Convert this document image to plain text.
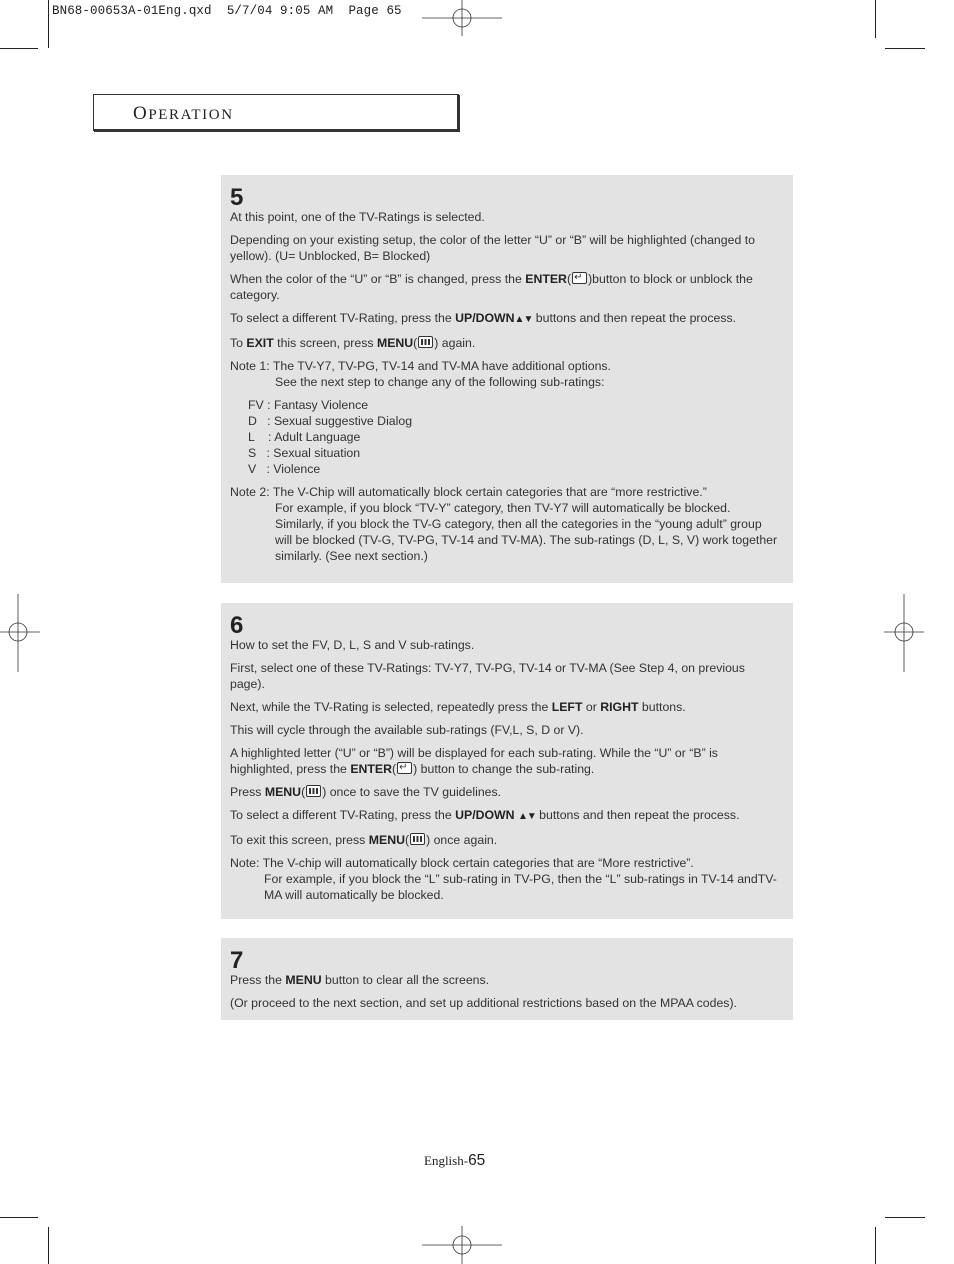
BN68-00653A-01Eng.qxd  5/7/04 9:05 AM  Page 65
OPERATION
5

At this point, one of the TV-Ratings is selected.

Depending on your existing setup, the color of the letter “U” or “B” will be highlighted (changed to yellow). (U= Unblocked, B= Blocked)

When the color of the “U” or “B” is changed, press the ENTER( ↵ )button to block or unblock the category.

To select a different TV-Rating, press the UP/DOWN▲▼ buttons and then repeat the process.

To EXIT this screen, press MENU( ) again.

Note 1: The TV-Y7, TV-PG, TV-14 and TV-MA have additional options.

See the next step to change any of the following sub-ratings:

FV : Fantasy Violence
D   : Sexual suggestive Dialog
L    : Adult Language
S   : Sexual situation
V   : Violence

Note 2: The V-Chip will automatically block certain categories that are “more restrictive.”

For example, if you block “TV-Y” category, then TV-Y7 will automatically be blocked. Similarly, if you block the TV-G category, then all the categories in the “young adult” group will be blocked (TV-G, TV-PG, TV-14 and TV-MA). The sub-ratings (D, L, S, V) work together similarly. (See next section.)

6

How to set the FV, D, L, S and V sub-ratings.

First, select one of these TV-Ratings: TV-Y7, TV-PG, TV-14 or TV-MA (See Step 4, on previous page).

Next, while the TV-Rating is selected, repeatedly press the LEFT or RIGHT buttons.

This will cycle through the available sub-ratings (FV,L, S, D or V).

A highlighted letter (“U” or “B”) will be displayed for each sub-rating. While the “U” or “B” is highlighted, press the ENTER( ↵ ) button to change the sub-rating.

Press MENU( ) once to save the TV guidelines.

To select a different TV-Rating, press the UP/DOWN ▲▼ buttons and then repeat the process.

To exit this screen, press MENU( ) once again.

Note: The V-chip will automatically block certain categories that are “More restrictive”.

For example, if you block the “L” sub-rating in TV-PG, then the “L” sub-ratings in TV-14 andTV-MA will automatically be blocked.

7

Press the MENU button to clear all the screens.

(Or proceed to the next section, and set up additional restrictions based on the MPAA codes).

English-65
